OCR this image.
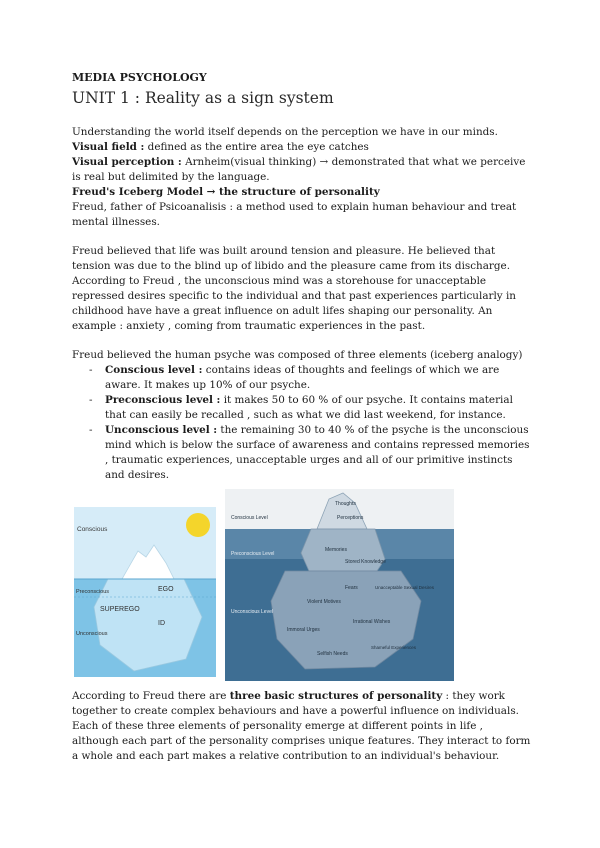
MEDIA PSYCHOLOGY

UNIT 1 : Reality as a sign system

Understanding the world itself depends on the perception we have in our minds.

Visual field : defined as the entire area the eye catches

Visual perception : Arnheim(visual thinking) → demonstrated that what we perceive is real but delimited by the language.

Freud's Iceberg Model → the structure of personality

Freud, father of Psicoanalisis : a method used to explain human behaviour and treat mental illnesses.

Freud believed that life was built around tension and pleasure. He believed that tension was due to the blind up of libido and the pleasure came from its discharge. According to Freud , the unconscious mind was a storehouse for unacceptable repressed desires specific to the individual and that past experiences particularly in childhood have have a great influence on adult lifes shaping our personality. An example : anxiety , coming from traumatic experiences in the past.

Freud believed the human psyche was composed of three elements (iceberg analogy)

- Conscious level : contains ideas of thoughts and feelings of which we are aware. It makes up 10% of our psyche.
- Preconscious level : it makes 50 to 60 % of our psyche. It contains material that can easily be recalled , such as what we did last weekend, for instance.
- Unconscious level : the remaining 30 to 40 % of the psyche is the unconscious mind which is below the surface of awareness and contains repressed memories , traumatic experiences, unacceptable urges and all of our primitive instincts and desires.
Conscious
Preconscious	EGO
SUPEREGO
ID
Unconscious
Thoughts
Perceptions
Conscious Level
Memories
Stored Knowledge
Preconscious Level
Fears	Unacceptable Sexual Desires
Violent Motives
Unconscious Level
Immoral Urges
Irrational Wishes
Selfish Needs
Shameful Experiences

According to Freud there are three basic structures of personality : they work together to create complex behaviours and have a powerful influence on individuals. Each of these three elements of personality emerge at different points in life , although each part of the personality comprises unique features. They interact to form a whole and each part makes a relative contribution to an individual's behaviour.
